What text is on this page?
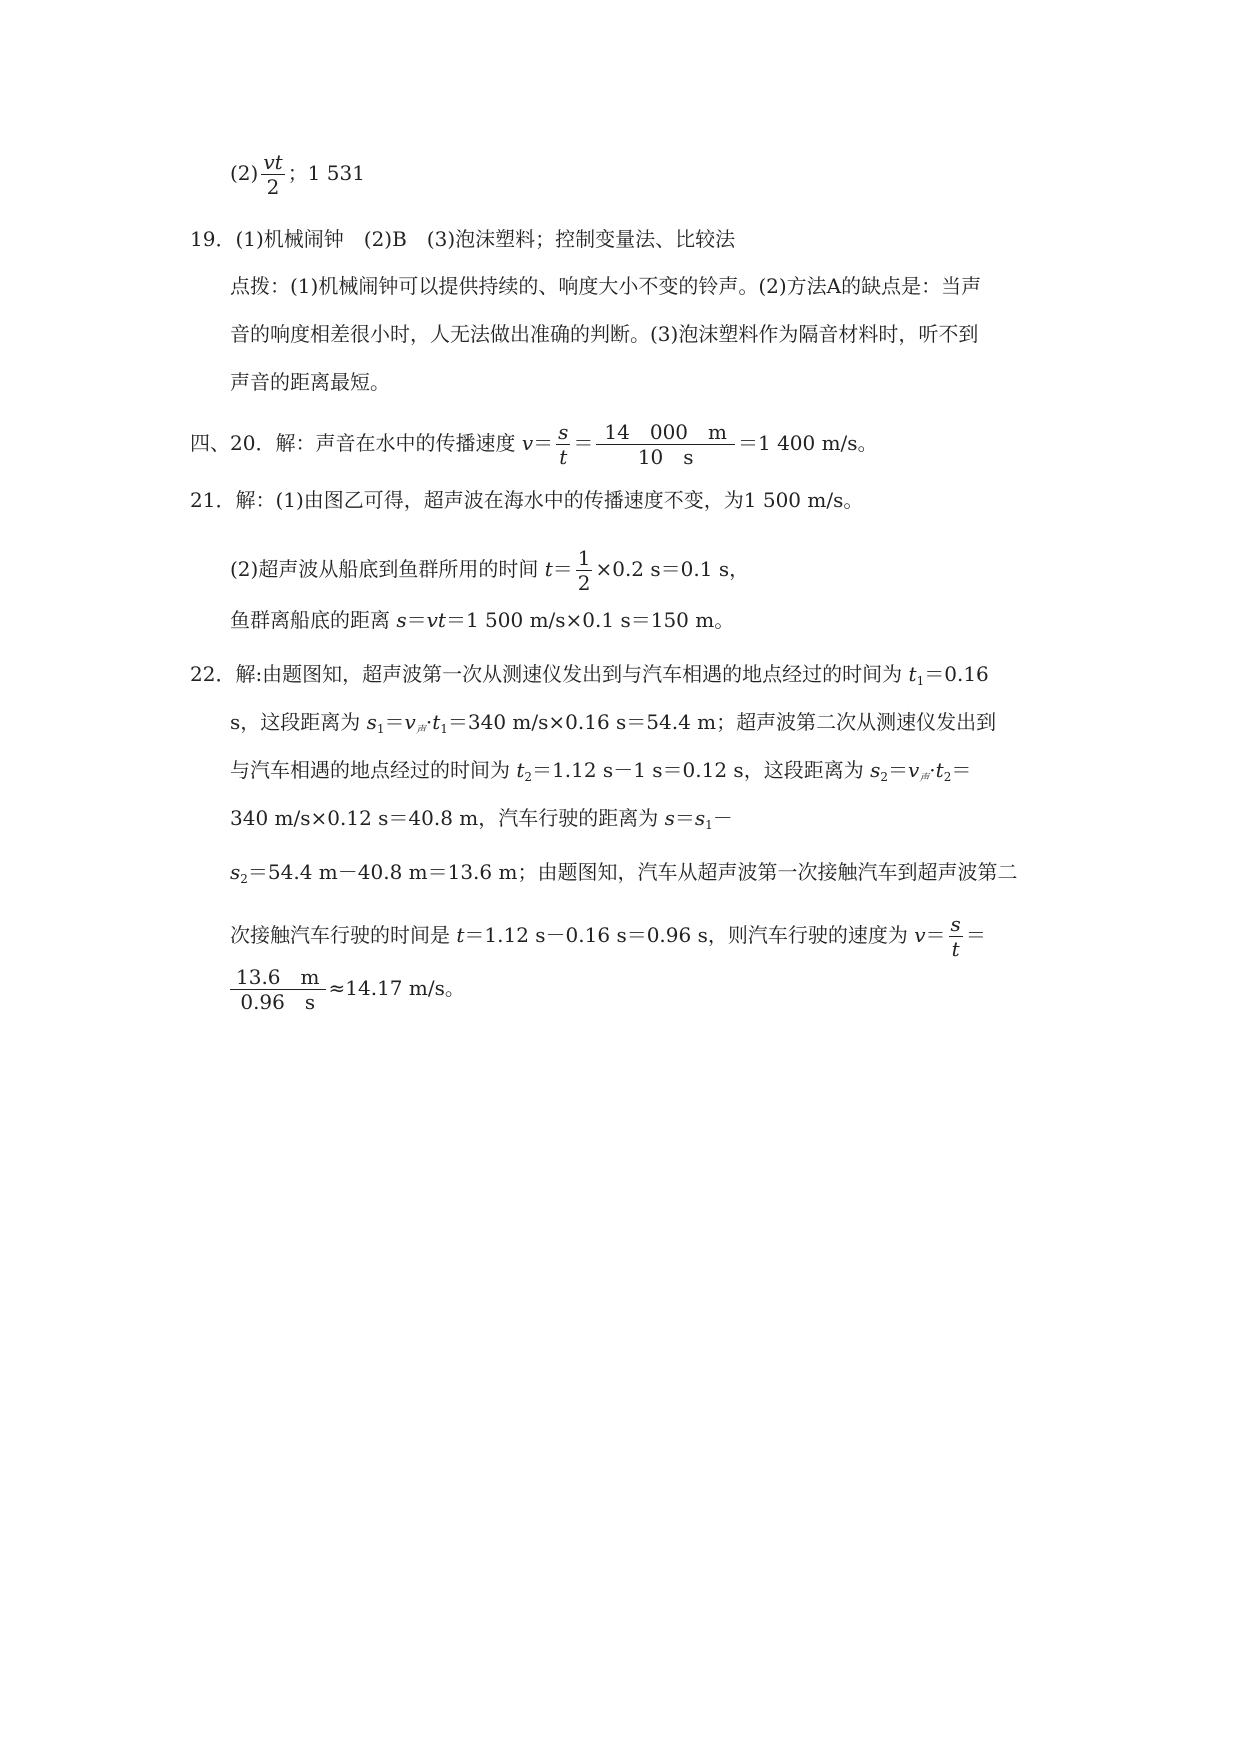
$(2) \frac{vt}{2}$ ；1 531
19．(1)机械闹钟　(2)B　(3)泡沫塑料；控制变量法、比较法
点拨：(1)机械闹钟可以提供持续的、响度大小不变的铃声。(2)方法A的缺点是：当声
音的响度相差很小时，人无法做出准确的判断。(3)泡沫塑料作为隔音材料时，听不到
声音的距离最短。
四、20．解：声音在水中的传播速度 $v= \frac{s}{t} = \frac{14 000 m}{10 s} =1$ 400 m/s。
21．解：(1)由图乙可得，超声波在海水中的传播速度不变，为1 500 m/s。
(2)超声波从船底到鱼群所用的时间 $t= \frac{1}{2} \times 0.2$ s＝0.1 s，
鱼群离船底的距离 s＝vt＝1 500 m/s×0.1 s＝150 m。
22．解:由题图知，超声波第一次从测速仪发出到与汽车相遇的地点经过的时间为 $t_1=0.16$
s，这段距离为 $s_1=v_声\cdot t_1=340$ m/s×0.16 s＝54.4 m；超声波第二次从测速仪发出到
与汽车相遇的地点经过的时间为 $t_2=1.12$ s－1 s＝0.12 s，这段距离为 $s_2=v_声\cdot t_2=$
340 m/s×0.12 s＝40.8 m，汽车行驶的距离为 $s=s_1-$
$s_2=54.4$ m－40.8 m＝13.6 m；由题图知，汽车从超声波第一次接触汽车到超声波第二
次接触汽车行驶的时间是 t＝1.12 s－0.16 s＝0.96 s，则汽车行驶的速度为 $v= \frac{s}{t}$ ＝
$\frac{13.6 m}{0.96 s} \approx 14.17$ m/s。
